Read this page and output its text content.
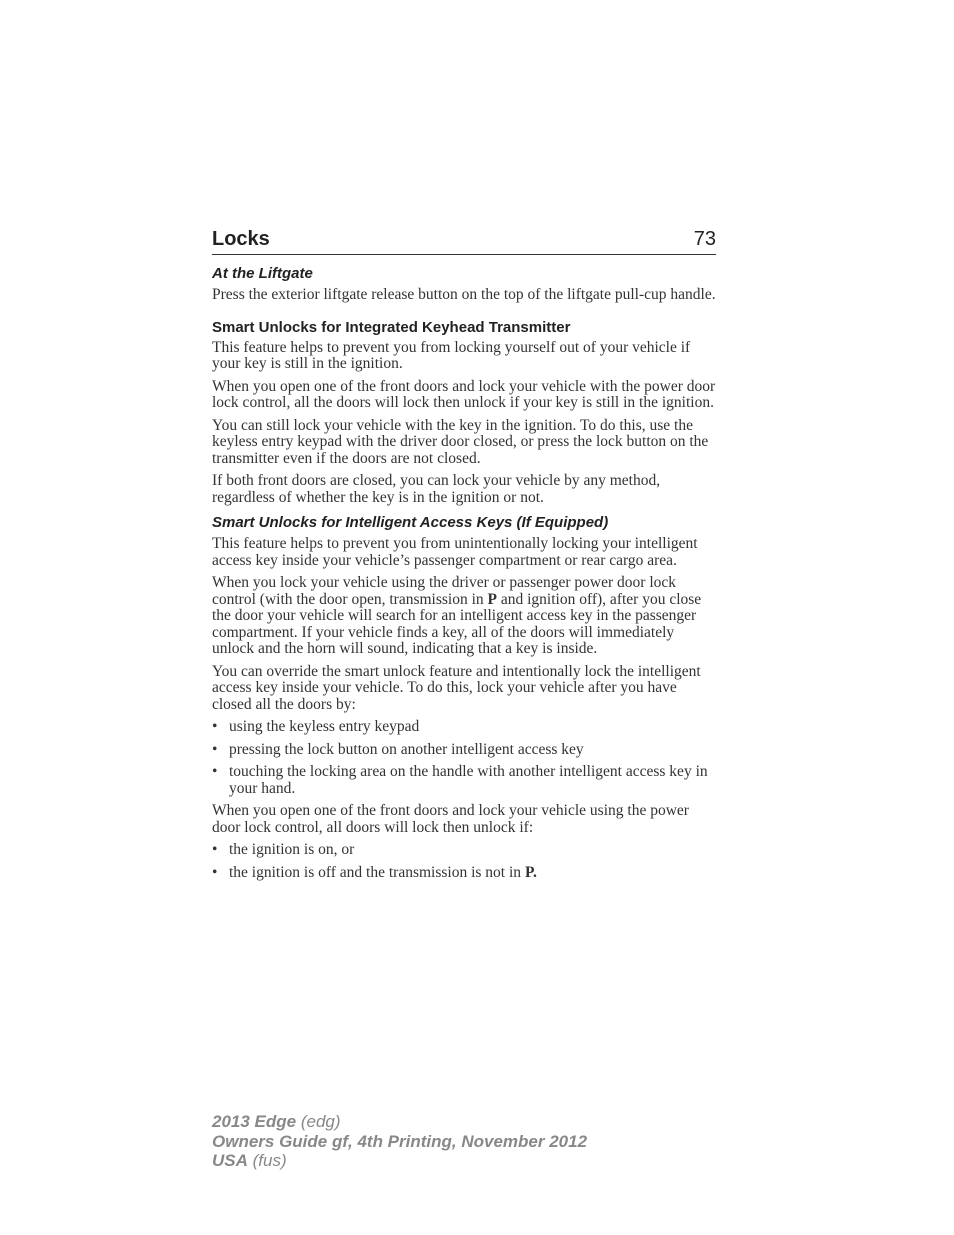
Locks	73
At the Liftgate

Press the exterior liftgate release button on the top of the liftgate pull-cup handle.

Smart Unlocks for Integrated Keyhead Transmitter

This feature helps to prevent you from locking yourself out of your vehicle if your key is still in the ignition.

When you open one of the front doors and lock your vehicle with the power door lock control, all the doors will lock then unlock if your key is still in the ignition.

You can still lock your vehicle with the key in the ignition. To do this, use the keyless entry keypad with the driver door closed, or press the lock button on the transmitter even if the doors are not closed.

If both front doors are closed, you can lock your vehicle by any method, regardless of whether the key is in the ignition or not.

Smart Unlocks for Intelligent Access Keys (If Equipped)

This feature helps to prevent you from unintentionally locking your intelligent access key inside your vehicle’s passenger compartment or rear cargo area.

When you lock your vehicle using the driver or passenger power door lock control (with the door open, transmission in P and ignition off), after you close the door your vehicle will search for an intelligent access key in the passenger compartment. If your vehicle finds a key, all of the doors will immediately unlock and the horn will sound, indicating that a key is inside.

You can override the smart unlock feature and intentionally lock the intelligent access key inside your vehicle. To do this, lock your vehicle after you have closed all the doors by:

• using the keyless entry keypad
• pressing the lock button on another intelligent access key
• touching the locking area on the handle with another intelligent access key in your hand.

When you open one of the front doors and lock your vehicle using the power door lock control, all doors will lock then unlock if:

• the ignition is on, or
• the ignition is off and the transmission is not in P.
2013 Edge (edg)
Owners Guide gf, 4th Printing, November 2012
USA (fus)
